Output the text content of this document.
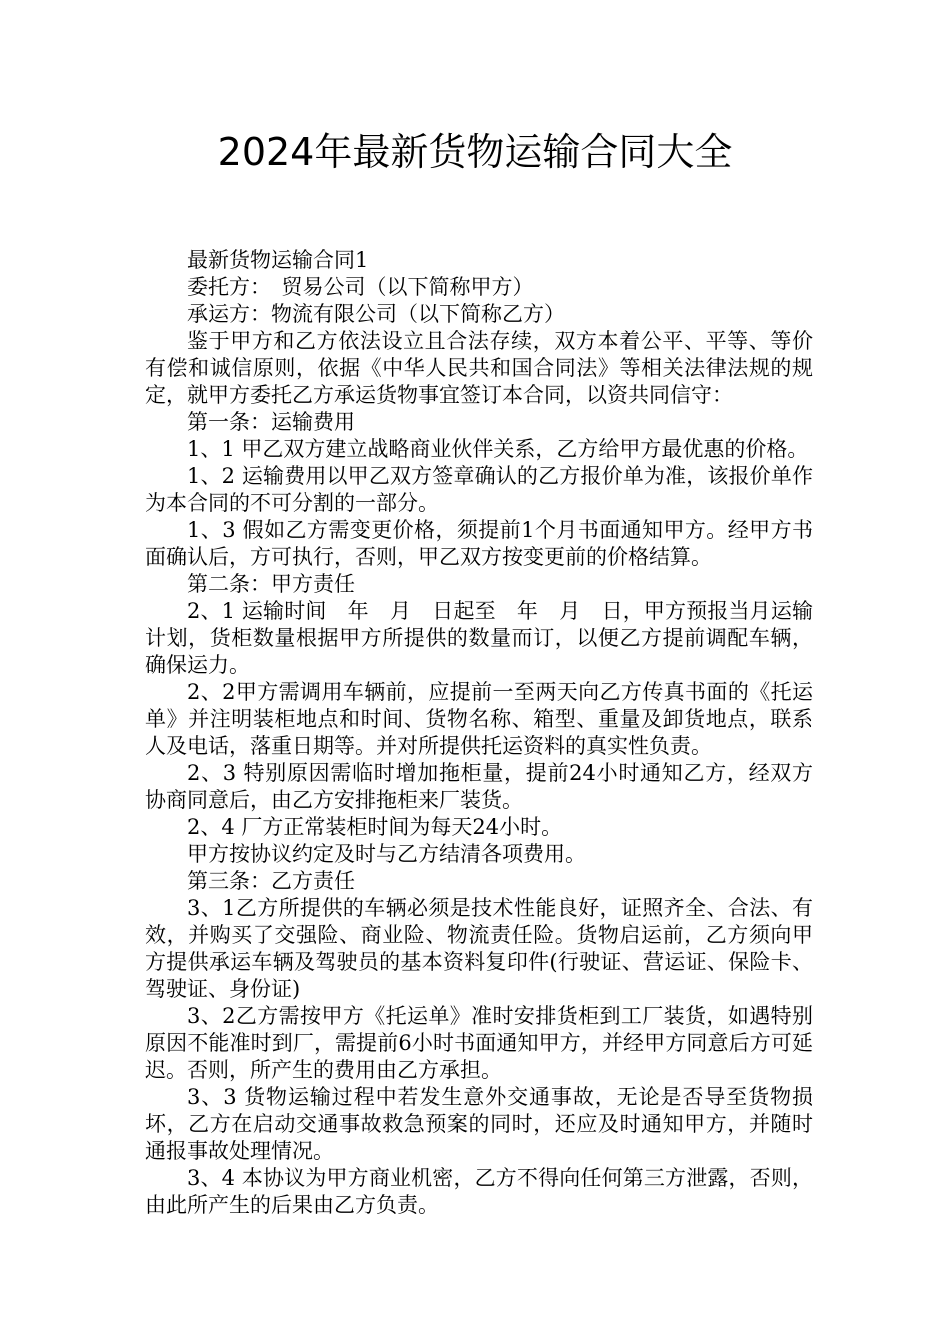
2024年最新货物运输合同大全

最新货物运输合同1

委托方：　贸易公司（以下简称甲方）

承运方：物流有限公司（以下简称乙方）

鉴于甲方和乙方依法设立且合法存续，双方本着公平、平等、等价有偿和诚信原则，依据《中华人民共和国合同法》等相关法律法规的规定，就甲方委托乙方承运货物事宜签订本合同，以资共同信守：

第一条：运输费用

1、1 甲乙双方建立战略商业伙伴关系，乙方给甲方最优惠的价格。

1、2 运输费用以甲乙双方签章确认的乙方报价单为准，该报价单作为本合同的不可分割的一部分。

1、3 假如乙方需变更价格，须提前1个月书面通知甲方。经甲方书面确认后，方可执行，否则，甲乙双方按变更前的价格结算。

第二条：甲方责任

2、1 运输时间　年　月　日起至　年　月　日，甲方预报当月运输计划，货柜数量根据甲方所提供的数量而订，以便乙方提前调配车辆，确保运力。

2、2甲方需调用车辆前，应提前一至两天向乙方传真书面的《托运单》并注明装柜地点和时间、货物名称、箱型、重量及卸货地点，联系人及电话，落重日期等。并对所提供托运资料的真实性负责。

2、3 特别原因需临时增加拖柜量，提前24小时通知乙方，经双方协商同意后，由乙方安排拖柜来厂装货。

2、4 厂方正常装柜时间为每天24小时。

甲方按协议约定及时与乙方结清各项费用。

第三条：乙方责任

3、1乙方所提供的车辆必须是技术性能良好，证照齐全、合法、有效，并购买了交强险、商业险、物流责任险。货物启运前，乙方须向甲方提供承运车辆及驾驶员的基本资料复印件(行驶证、营运证、保险卡、驾驶证、身份证)

3、2乙方需按甲方《托运单》准时安排货柜到工厂装货，如遇特别原因不能准时到厂，需提前6小时书面通知甲方，并经甲方同意后方可延迟。否则，所产生的费用由乙方承担。

3、3 货物运输过程中若发生意外交通事故，无论是否导至货物损坏，乙方在启动交通事故救急预案的同时，还应及时通知甲方，并随时通报事故处理情况。

3、4 本协议为甲方商业机密，乙方不得向任何第三方泄露，否则，由此所产生的后果由乙方负责。
